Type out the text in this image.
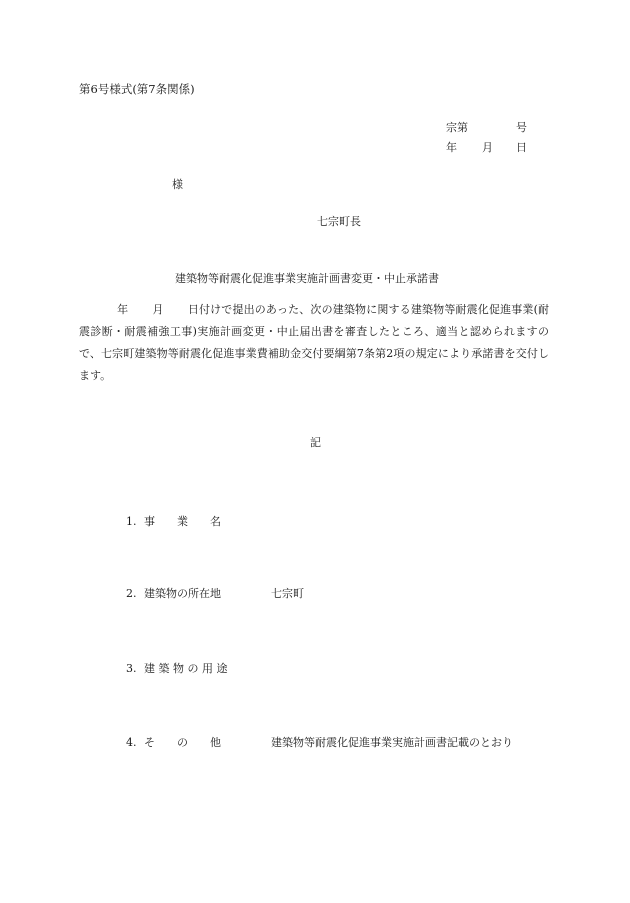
第6号様式(第7条関係)
宗第	号
年 月 日
様
七宗町長
建築物等耐震化促進事業実施計画書変更・中止承諾書
年 月 日付けで提出のあった、次の建築物に関する建築物等耐震化促進事業(耐震診断・耐震補強工事)実施計画変更・中止届出書を審査したところ、適当と認められますので、七宗町建築物等耐震化促進事業費補助金交付要綱第7条第2項の規定により承諾書を交付します。
記
1. 事　　業　　名
2. 建築物の所在地	七宗町
3. 建 築 物 の 用 途
4. そ　　の　　他	建築物等耐震化促進事業実施計画書記載のとおり
